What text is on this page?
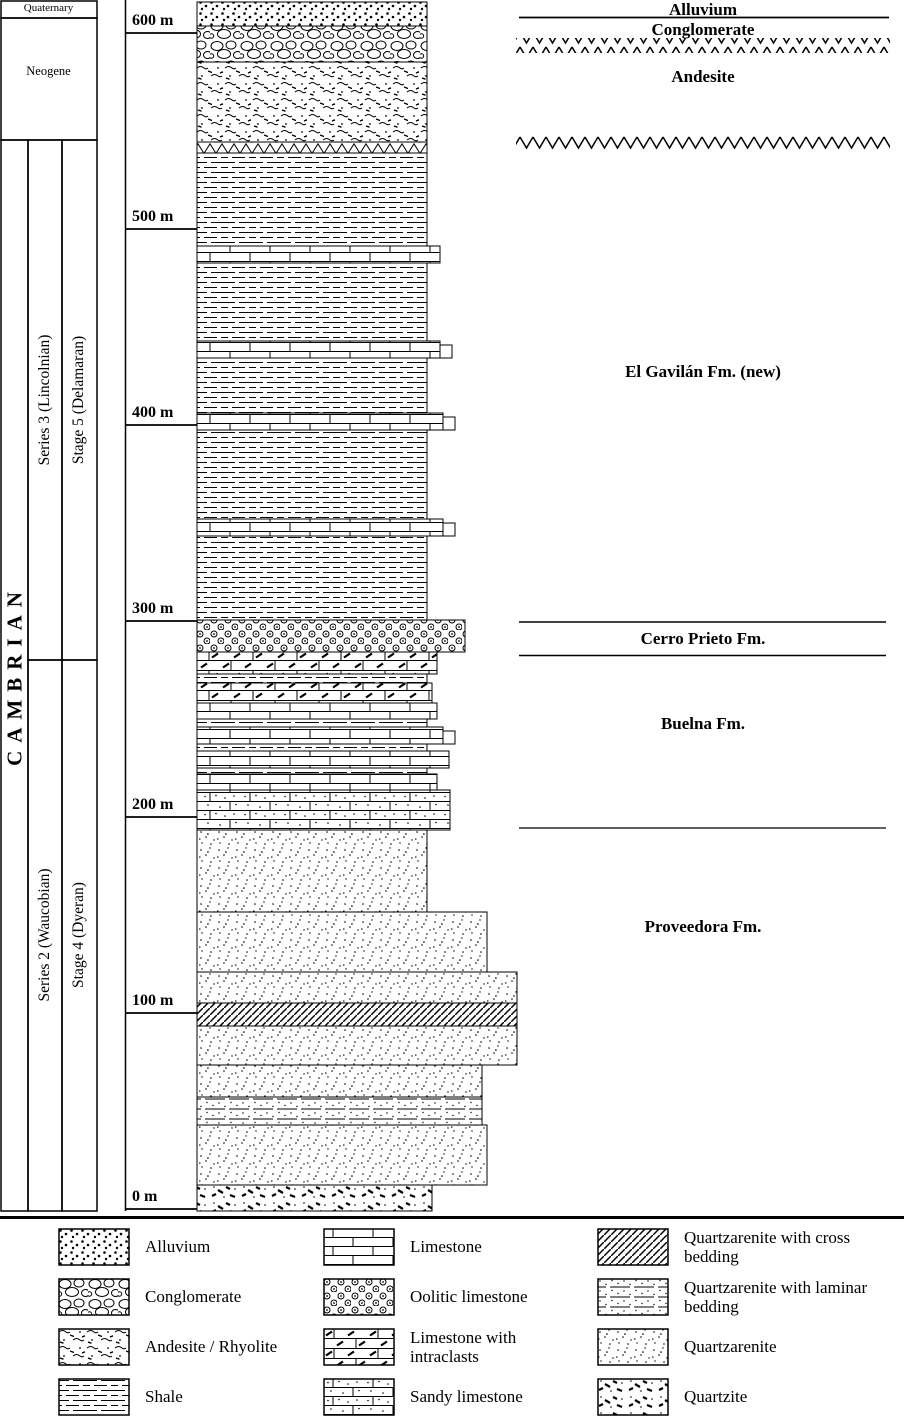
Quaternary
Neogene
CAMBRIAN
Series 3 (Lincolnian) Stage 5 (Delamaran)
Series 2 (Waucobian) Stage 4 (Dyeran)
600 m
500 m
400 m
300 m
200 m
100 m
0 m
Alluvium
Conglomerate
Andesite
El Gavilán Fm. (new)
Cerro Prieto Fm.
Buelna Fm.
Proveedora Fm.
Alluvium
Conglomerate
Andesite / Rhyolite
Shale
Limestone
Oolitic limestone
Limestone with intraclasts
Sandy limestone
Quartzarenite with cross bedding
Quartzarenite with laminar bedding
Quartzarenite
Quartzite
